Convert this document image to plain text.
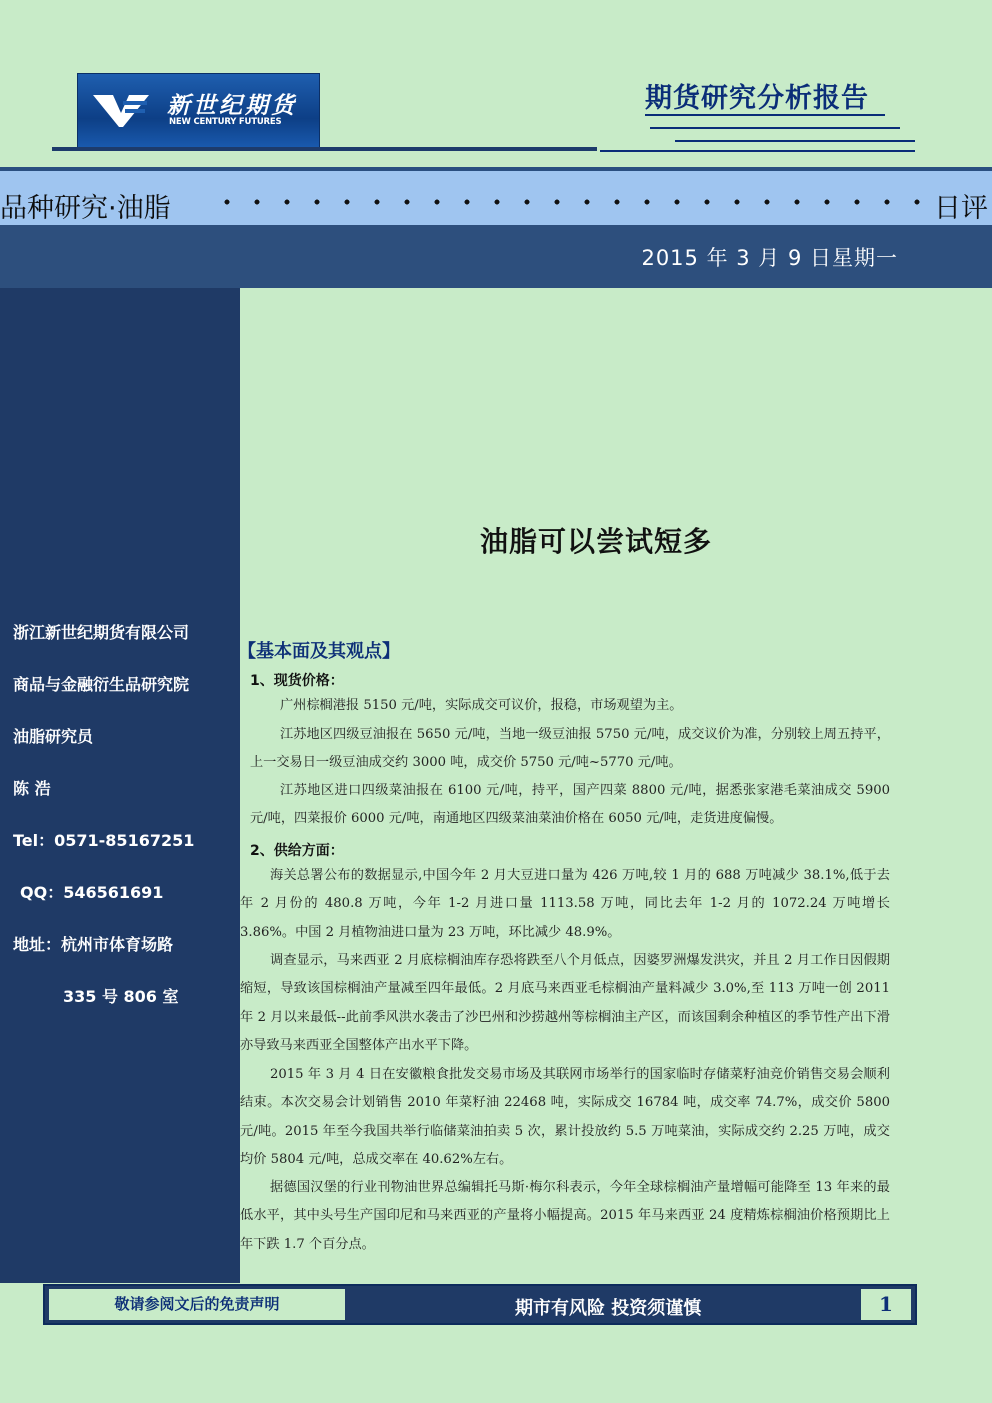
新世纪期货
NEW CENTURY FUTURES
期货研究分析报告
品种研究·油脂	日评
2015 年 3 月 9 日星期一
浙江新世纪期货有限公司
商品与金融衍生品研究院
油脂研究员
陈 浩
Tel：0571-85167251
QQ：546561691
地址：杭州市体育场路
335 号 806 室
油脂可以尝试短多
【基本面及其观点】
1、现货价格：

广州棕榈港报 5150 元/吨，实际成交可议价，报稳，市场观望为主。

江苏地区四级豆油报在 5650 元/吨，当地一级豆油报 5750 元/吨，成交议价为准，分别较上周五持平，上一交易日一级豆油成交约 3000 吨，成交价 5750 元/吨~5770 元/吨。

江苏地区进口四级菜油报在 6100 元/吨，持平，国产四菜 8800 元/吨，据悉张家港毛菜油成交 5900 元/吨，四菜报价 6000 元/吨，南通地区四级菜油菜油价格在 6050 元/吨，走货进度偏慢。

2、供给方面：

海关总署公布的数据显示,中国今年 2 月大豆进口量为 426 万吨,较 1 月的 688 万吨减少 38.1%,低于去年 2 月份的 480.8 万吨，今年 1-2 月进口量 1113.58 万吨，同比去年 1-2 月的 1072.24 万吨增长 3.86%。中国 2 月植物油进口量为 23 万吨，环比减少 48.9%。

调查显示，马来西亚 2 月底棕榈油库存恐将跌至八个月低点，因婆罗洲爆发洪灾，并且 2 月工作日因假期缩短，导致该国棕榈油产量减至四年最低。2 月底马来西亚毛棕榈油产量料减少 3.0%,至 113 万吨一创 2011 年 2 月以来最低--此前季风洪水袭击了沙巴州和沙捞越州等棕榈油主产区，而该国剩余种植区的季节性产出下滑亦导致马来西亚全国整体产出水平下降。

2015 年 3 月 4 日在安徽粮食批发交易市场及其联网市场举行的国家临时存储菜籽油竞价销售交易会顺利结束。本次交易会计划销售 2010 年菜籽油 22468 吨，实际成交 16784 吨，成交率 74.7%，成交价 5800 元/吨。2015 年至今我国共举行临储菜油拍卖 5 次，累计投放约 5.5 万吨菜油，实际成交约 2.25 万吨，成交均价 5804 元/吨，总成交率在 40.62%左右。

据德国汉堡的行业刊物油世界总编辑托马斯·梅尔科表示，今年全球棕榈油产量增幅可能降至 13 年来的最低水平，其中头号生产国印尼和马来西亚的产量将小幅提高。2015 年马来西亚 24 度精炼棕榈油价格预期比上年下跌 1.7 个百分点。

敬请参阅文后的免责声明	期市有风险 投资须谨慎	1
